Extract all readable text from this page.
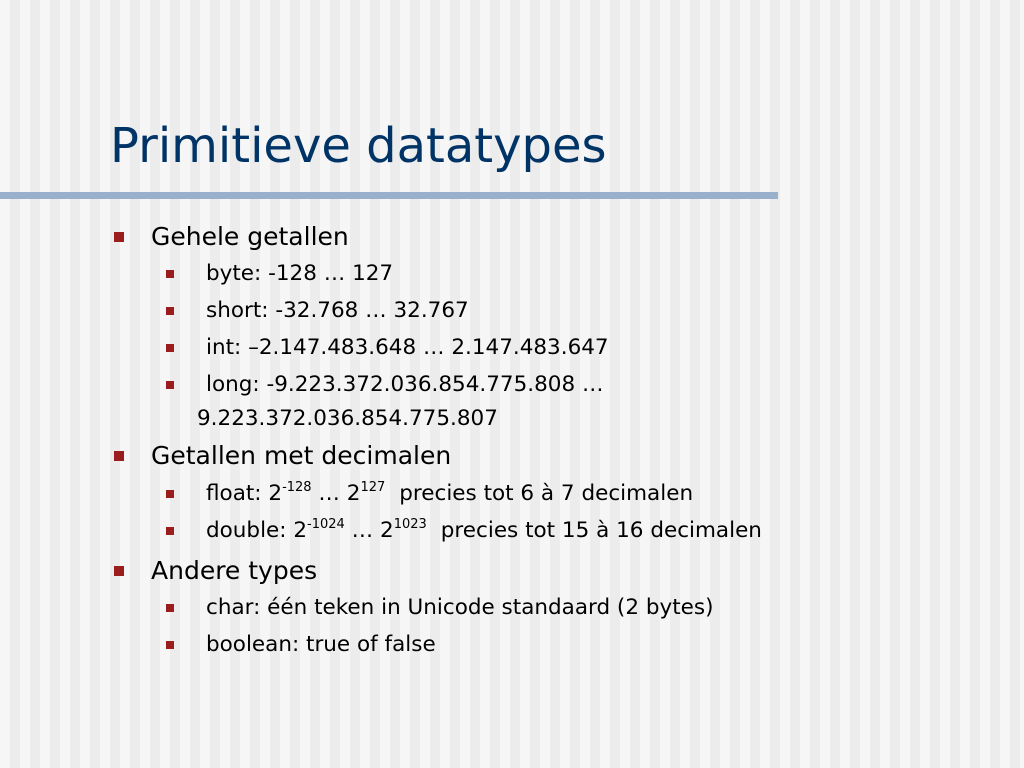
Primitieve datatypes
Gehele getallen
byte: -128 … 127
short: -32.768 … 32.767
int: –2.147.483.648 … 2.147.483.647
long: -9.223.372.036.854.775.808 …
9.223.372.036.854.775.807
Getallen met decimalen
float: $2^{-128}$ … $2^{127}$ precies tot 6 à 7 decimalen
double: $2^{-1024}$ … $2^{1023}$ precies tot 15 à 16 decimalen
Andere types
char: één teken in Unicode standaard (2 bytes)
boolean: true of false
